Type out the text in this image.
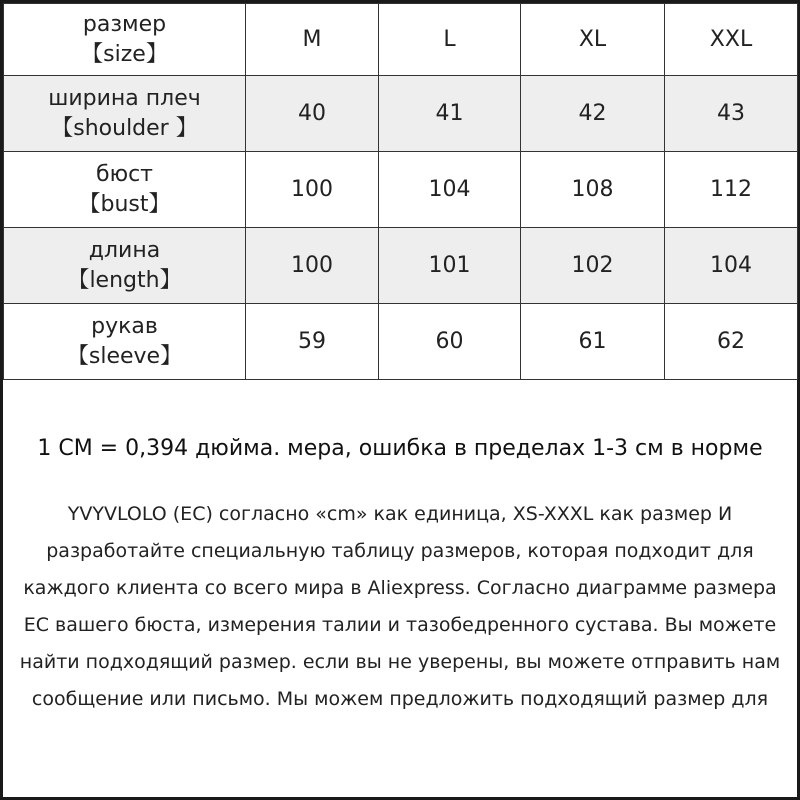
размер
【 size 】	M	L	XL	XXL

ширина плеч
【 shoulder 】	40	41	42	43

бюст
【 bust 】	100	104	108	112

длина
【 length 】	100	101	102	104

рукав
【 sleeve 】	59	60	61	62
1 CM = 0,394 дюйма. мера, ошибка в пределах 1-3 см в норме
YVYVLOLO (ЕС) согласно «cm» как единица, XS-XXXL как размер И
разработайте специальную таблицу размеров, которая подходит для
каждого клиента со всего мира в Aliexpress. Согласно диаграмме размера
ЕС вашего бюста, измерения талии и тазобедренного сустава. Вы можете
найти подходящий размер. если вы не уверены, вы можете отправить нам
сообщение или письмо. Мы можем предложить подходящий размер для
